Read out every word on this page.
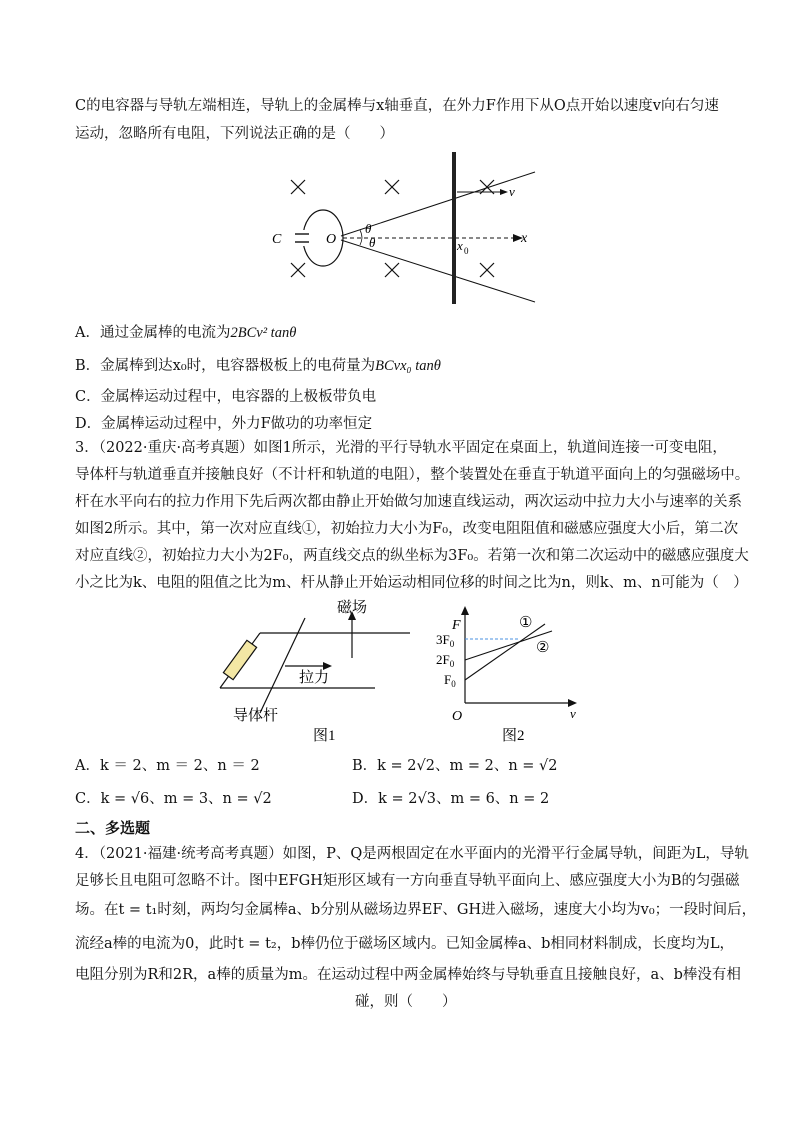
C的电容器与导轨左端相连，导轨上的金属棒与x轴垂直，在外力F作用下从O点开始以速度v向右匀速
运动，忽略所有电阻，下列说法正确的是（　　）
C	O
θ
θ	x 0
x
v
A．通过金属棒的电流为2BCv² tanθ
B．金属棒到达x₀时，电容器极板上的电荷量为BCvx₀ tanθ
C．金属棒运动过程中，电容器的上极板带负电
D．金属棒运动过程中，外力F做功的功率恒定
3．（2022·重庆·高考真题）如图1所示，光滑的平行导轨水平固定在桌面上，轨道间连接一可变电阻，
导体杆与轨道垂直并接触良好（不计杆和轨道的电阻），整个装置处在垂直于轨道平面向上的匀强磁场中。
杆在水平向右的拉力作用下先后两次都由静止开始做匀加速直线运动，两次运动中拉力大小与速率的关系
如图2所示。其中，第一次对应直线①，初始拉力大小为F₀，改变电阻阻值和磁感应强度大小后，第二次
对应直线②，初始拉力大小为2F₀，两直线交点的纵坐标为3F₀。若第一次和第二次运动中的磁感应强度大
小之比为k、电阻的阻值之比为m、杆从静止开始运动相同位移的时间之比为n，则k、m、n可能为（　）
磁场
拉力
导体杆
图1
F
v
O
$3F_0$
$2F_0$
$F_0$
①
②
图2
A．k ＝ 2、m ＝ 2、n ＝ 2	B．k = 2√2、m = 2、n = √2
C．k = √6、m = 3、n = √2	D．k = 2√3、m = 6、n = 2
二、多选题
4．（2021·福建·统考高考真题）如图，P、Q是两根固定在水平面内的光滑平行金属导轨，间距为L，导轨
足够长且电阻可忽略不计。图中EFGH矩形区域有一方向垂直导轨平面向上、感应强度大小为B的匀强磁
场。在t = t₁时刻，两均匀金属棒a、b分别从磁场边界EF、GH进入磁场，速度大小均为v₀；一段时间后，
流经a棒的电流为0，此时t = t₂，b棒仍位于磁场区域内。已知金属棒a、b相同材料制成，长度均为L，
电阻分别为R和2R，a棒的质量为m。在运动过程中两金属棒始终与导轨垂直且接触良好，a、b棒没有相
碰，则（　　）
